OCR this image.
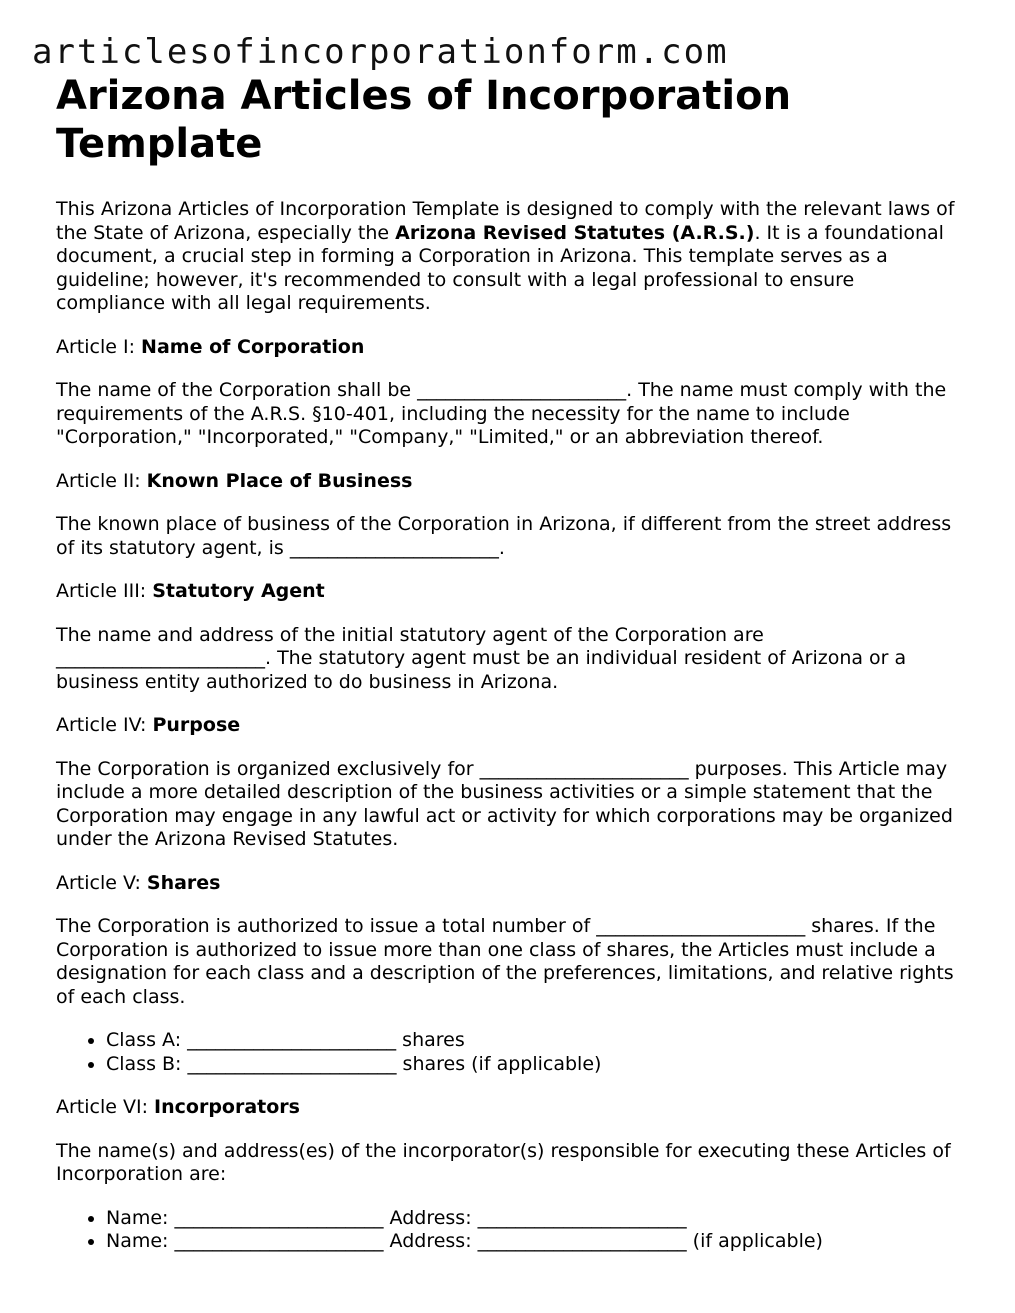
articlesofincorporationform.com
Arizona Articles of Incorporation Template

This Arizona Articles of Incorporation Template is designed to comply with the relevant laws of the State of Arizona, especially the Arizona Revised Statutes (A.R.S.). It is a foundational document, a crucial step in forming a Corporation in Arizona. This template serves as a guideline; however, it's recommended to consult with a legal professional to ensure compliance with all legal requirements.

Article I: Name of Corporation

The name of the Corporation shall be ______________________. The name must comply with the requirements of the A.R.S. §10-401, including the necessity for the name to include "Corporation," "Incorporated," "Company," "Limited," or an abbreviation thereof.

Article II: Known Place of Business

The known place of business of the Corporation in Arizona, if different from the street address of its statutory agent, is ______________________.

Article III: Statutory Agent

The name and address of the initial statutory agent of the Corporation are ______________________. The statutory agent must be an individual resident of Arizona or a business entity authorized to do business in Arizona.

Article IV: Purpose

The Corporation is organized exclusively for ______________________ purposes. This Article may include a more detailed description of the business activities or a simple statement that the Corporation may engage in any lawful act or activity for which corporations may be organized under the Arizona Revised Statutes.

Article V: Shares

The Corporation is authorized to issue a total number of ______________________ shares. If the Corporation is authorized to issue more than one class of shares, the Articles must include a designation for each class and a description of the preferences, limitations, and relative rights of each class.

• Class A: ______________________ shares
• Class B: ______________________ shares (if applicable)

Article VI: Incorporators

The name(s) and address(es) of the incorporator(s) responsible for executing these Articles of Incorporation are:

• Name: ______________________ Address: ______________________
• Name: ______________________ Address: ______________________ (if applicable)
